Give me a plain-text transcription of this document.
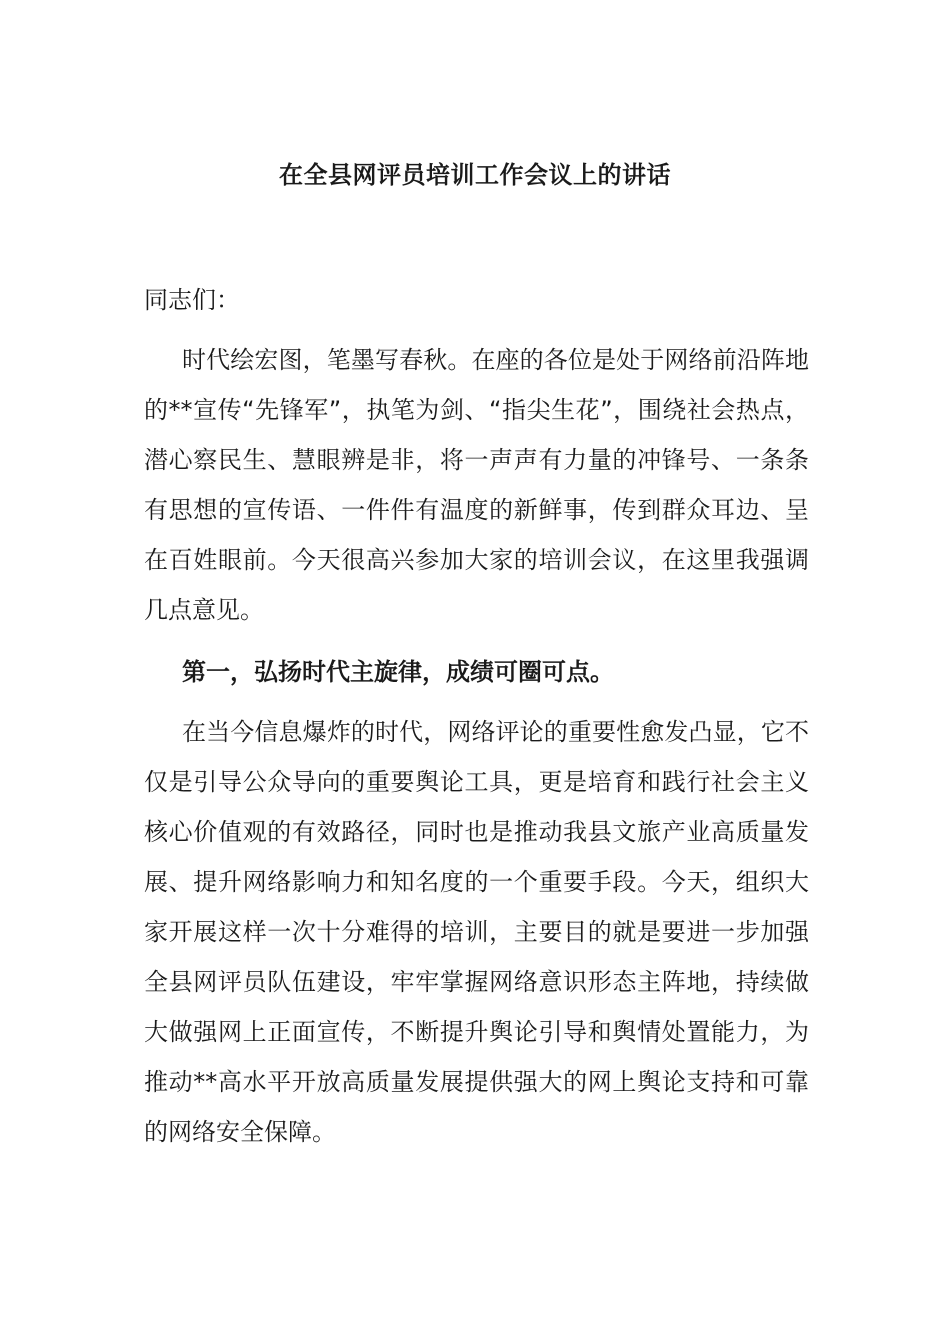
在全县网评员培训工作会议上的讲话
同志们：

时代绘宏图，笔墨写春秋。在座的各位是处于网络前沿阵地的**宣传“先锋军”，执笔为剑、“指尖生花”，围绕社会热点，潜心察民生、慧眼辨是非，将一声声有力量的冲锋号、一条条有思想的宣传语、一件件有温度的新鲜事，传到群众耳边、呈在百姓眼前。今天很高兴参加大家的培训会议，在这里我强调几点意见。

第一，弘扬时代主旋律，成绩可圈可点。

在当今信息爆炸的时代，网络评论的重要性愈发凸显，它不仅是引导公众导向的重要舆论工具，更是培育和践行社会主义核心价值观的有效路径，同时也是推动我县文旅产业高质量发展、提升网络影响力和知名度的一个重要手段。今天，组织大家开展这样一次十分难得的培训，主要目的就是要进一步加强全县网评员队伍建设，牢牢掌握网络意识形态主阵地，持续做大做强网上正面宣传，不断提升舆论引导和舆情处置能力，为推动**高水平开放高质量发展提供强大的网上舆论支持和可靠的网络安全保障。
